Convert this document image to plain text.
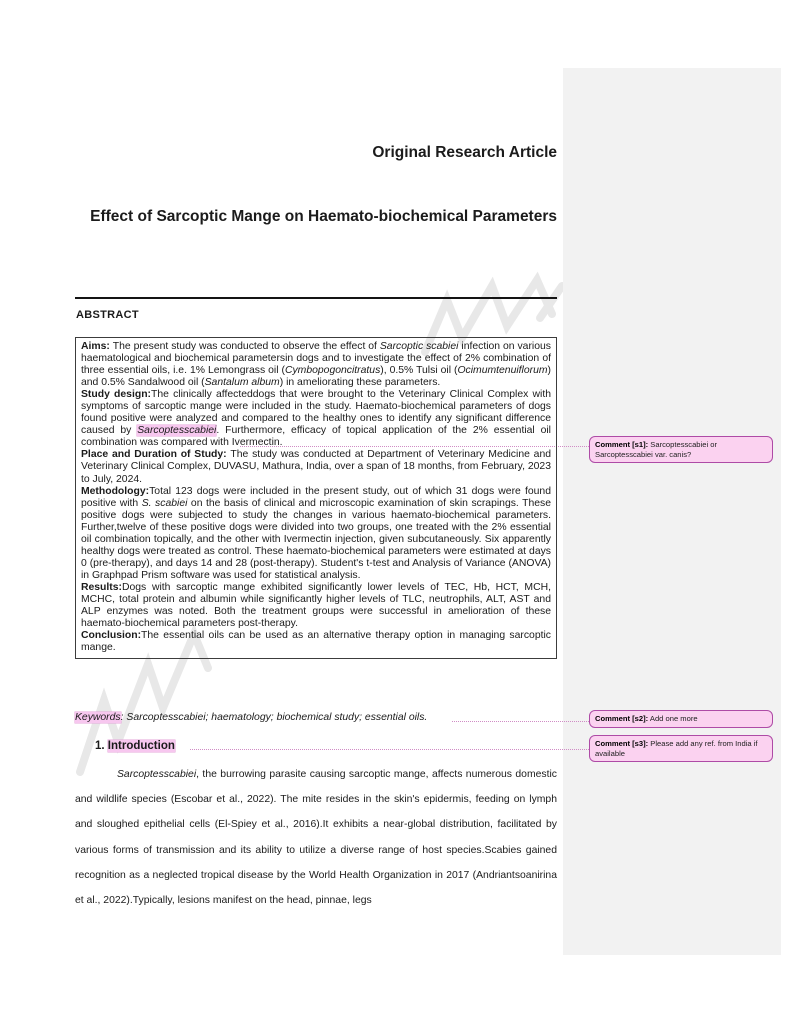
Original Research Article
Effect of Sarcoptic Mange on Haemato-biochemical Parameters
ABSTRACT

Aims: The present study was conducted to observe the effect of Sarcoptic scabiei infection on various haematological and biochemical parametersin dogs and to investigate the effect of 2% combination of three essential oils, i.e. 1% Lemongrass oil (Cymbopogoncitratus), 0.5% Tulsi oil (Ocimumtenuiflorum) and 0.5% Sandalwood oil (Santalum album) in ameliorating these parameters.

Study design:The clinically affecteddogs that were brought to the Veterinary Clinical Complex with symptoms of sarcoptic mange were included in the study. Haemato-biochemical parameters of dogs found positive were analyzed and compared to the healthy ones to identify any significant difference caused by Sarcoptesscabiei. Furthermore, efficacy of topical application of the 2% essential oil combination was compared with Ivermectin.

Place and Duration of Study: The study was conducted at Department of Veterinary Medicine and Veterinary Clinical Complex, DUVASU, Mathura, India, over a span of 18 months, from February, 2023 to July, 2024.

Methodology:Total 123 dogs were included in the present study, out of which 31 dogs were found positive with S. scabiei on the basis of clinical and microscopic examination of skin scrapings. These positive dogs were subjected to study the changes in various haemato-biochemical parameters. Further,twelve of these positive dogs were divided into two groups, one treated with the 2% essential oil combination topically, and the other with Ivermectin injection, given subcutaneously. Six apparently healthy dogs were treated as control. These haemato-biochemical parameters were estimated at days 0 (pre-therapy), and days 14 and 28 (post-therapy). Student's t-test and Analysis of Variance (ANOVA) in Graphpad Prism software was used for statistical analysis.

Results:Dogs with sarcoptic mange exhibited significantly lower levels of TEC, Hb, HCT, MCH, MCHC, total protein and albumin while significantly higher levels of TLC, neutrophils, ALT, AST and ALP enzymes was noted. Both the treatment groups were successful in amelioration of these haemato-biochemical parameters post-therapy.

Conclusion:The essential oils can be used as an alternative therapy option in managing sarcoptic mange.

Keywords: Sarcoptesscabiei; haematology; biochemical study; essential oils.
1. Introduction
Sarcoptesscabiei, the burrowing parasite causing sarcoptic mange, affects numerous domestic and wildlife species (Escobar et al., 2022). The mite resides in the skin's epidermis, feeding on lymph and sloughed epithelial cells (El-Spiey et al., 2016).It exhibits a near-global distribution, facilitated by various forms of transmission and its ability to utilize a diverse range of host species.Scabies gained recognition as a neglected tropical disease by the World Health Organization in 2017 (Andriantsoanirina et al., 2022).Typically, lesions manifest on the head, pinnae, legs
Comment [s1]: Sarcoptesscabiei or Sarcoptesscabiei var. canis?
Comment [s2]: Add one more
Comment [s3]: Please add any ref. from India if available
